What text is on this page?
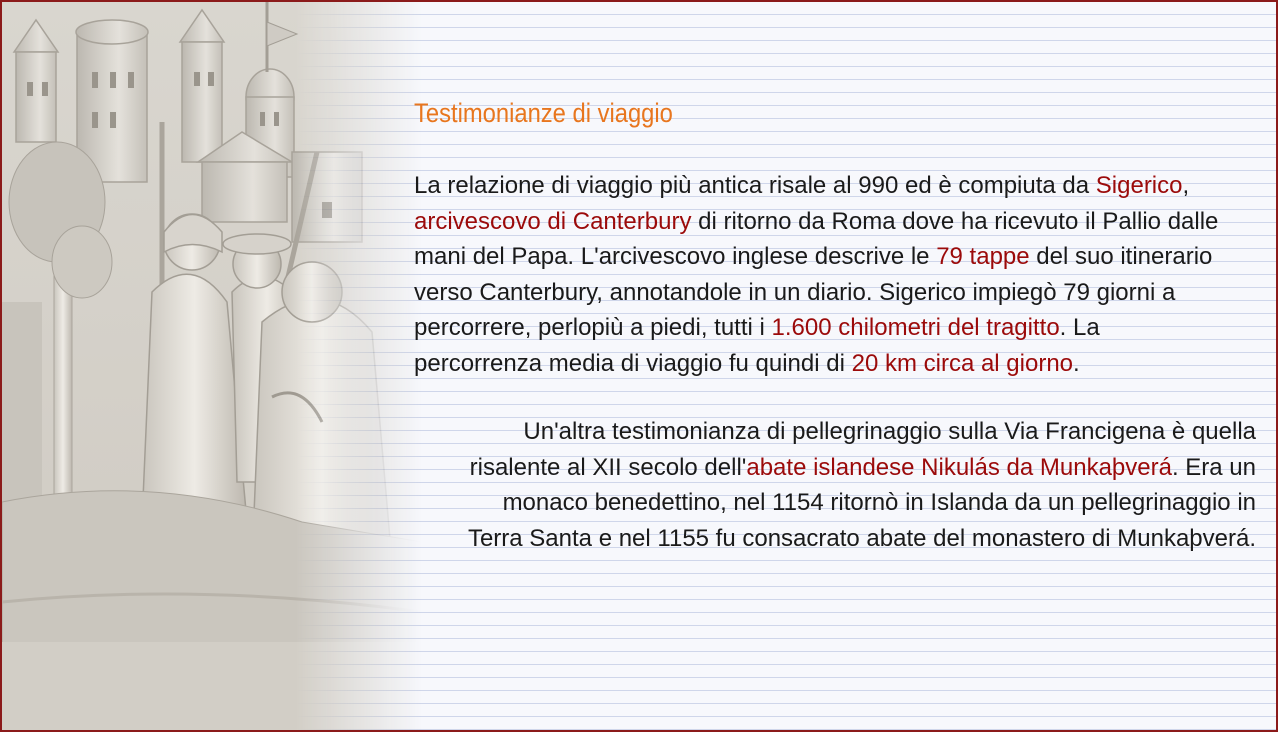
Testimonianze di viaggio
La relazione di viaggio più antica risale al 990 ed è compiuta da Sigerico,
arcivescovo di Canterbury di ritorno da Roma dove ha ricevuto il Pallio dalle
mani del Papa. L'arcivescovo inglese descrive le 79 tappe del suo itinerario
verso Canterbury, annotandole in un diario. Sigerico impiegò 79 giorni a
percorrere, perlopiù a piedi, tutti i 1.600 chilometri del tragitto. La
percorrenza media di viaggio fu quindi di 20 km circa al giorno.
Un'altra testimonianza di pellegrinaggio sulla Via Francigena è quella
risalente al XII secolo dell'abate islandese Nikulás da Munkaþverá. Era un
monaco benedettino, nel 1154 ritornò in Islanda da un pellegrinaggio in
Terra Santa e nel 1155 fu consacrato abate del monastero di Munkaþverá.
